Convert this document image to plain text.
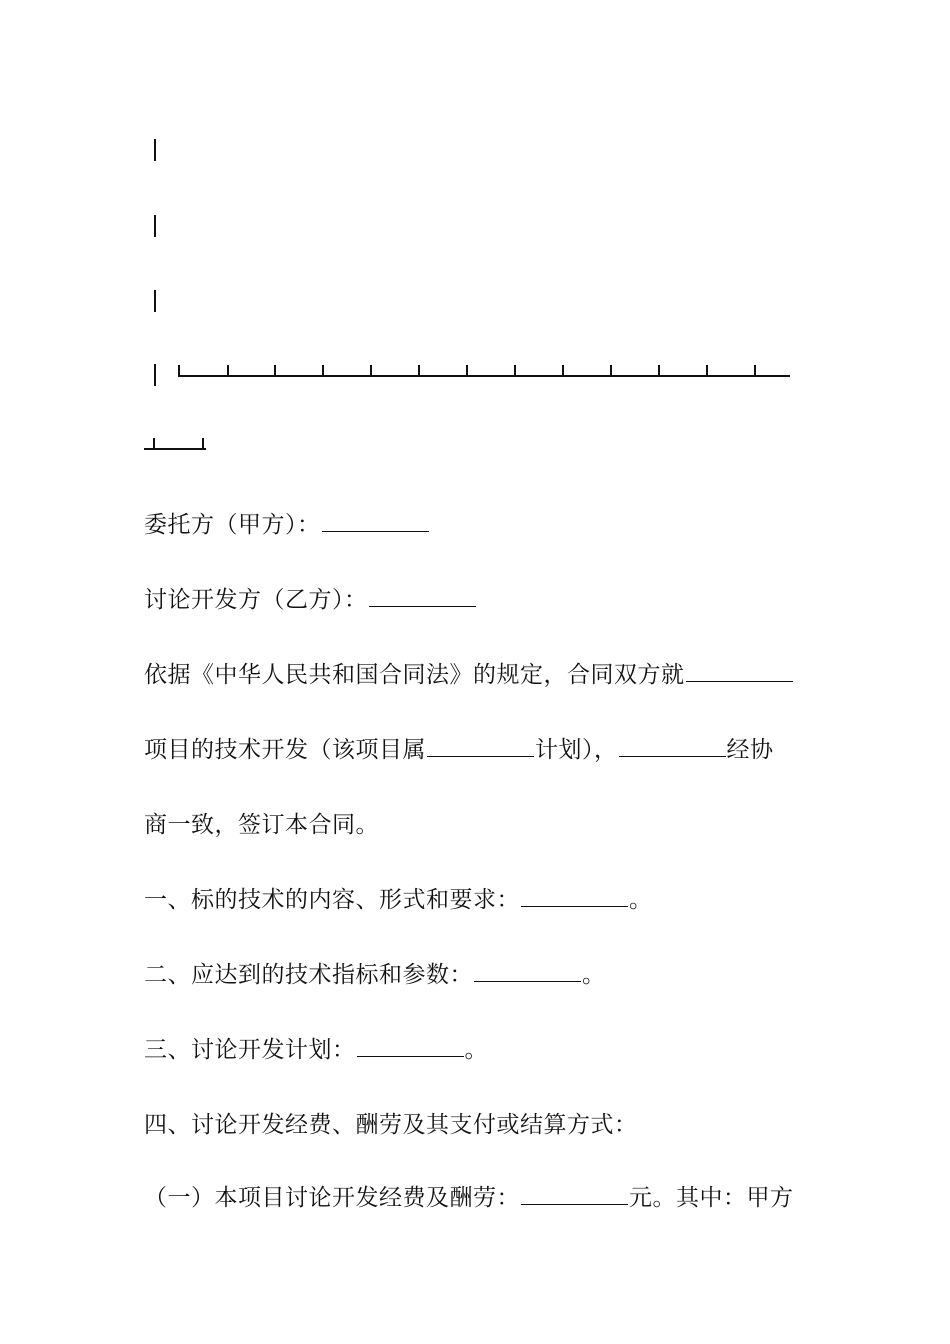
委托方（甲方）：
讨论开发方（乙方）：
依据《中华人民共和国合同法》的规定，合同双方就
项目的技术开发（该项目属	计划），	经协
商一致，签订本合同。
一、标的技术的内容、形式和要求：	。
二、应达到的技术指标和参数：	。
三、讨论开发计划：	。
四、讨论开发经费、酬劳及其支付或结算方式：
（一）本项目讨论开发经费及酬劳：	元。其中：甲方
